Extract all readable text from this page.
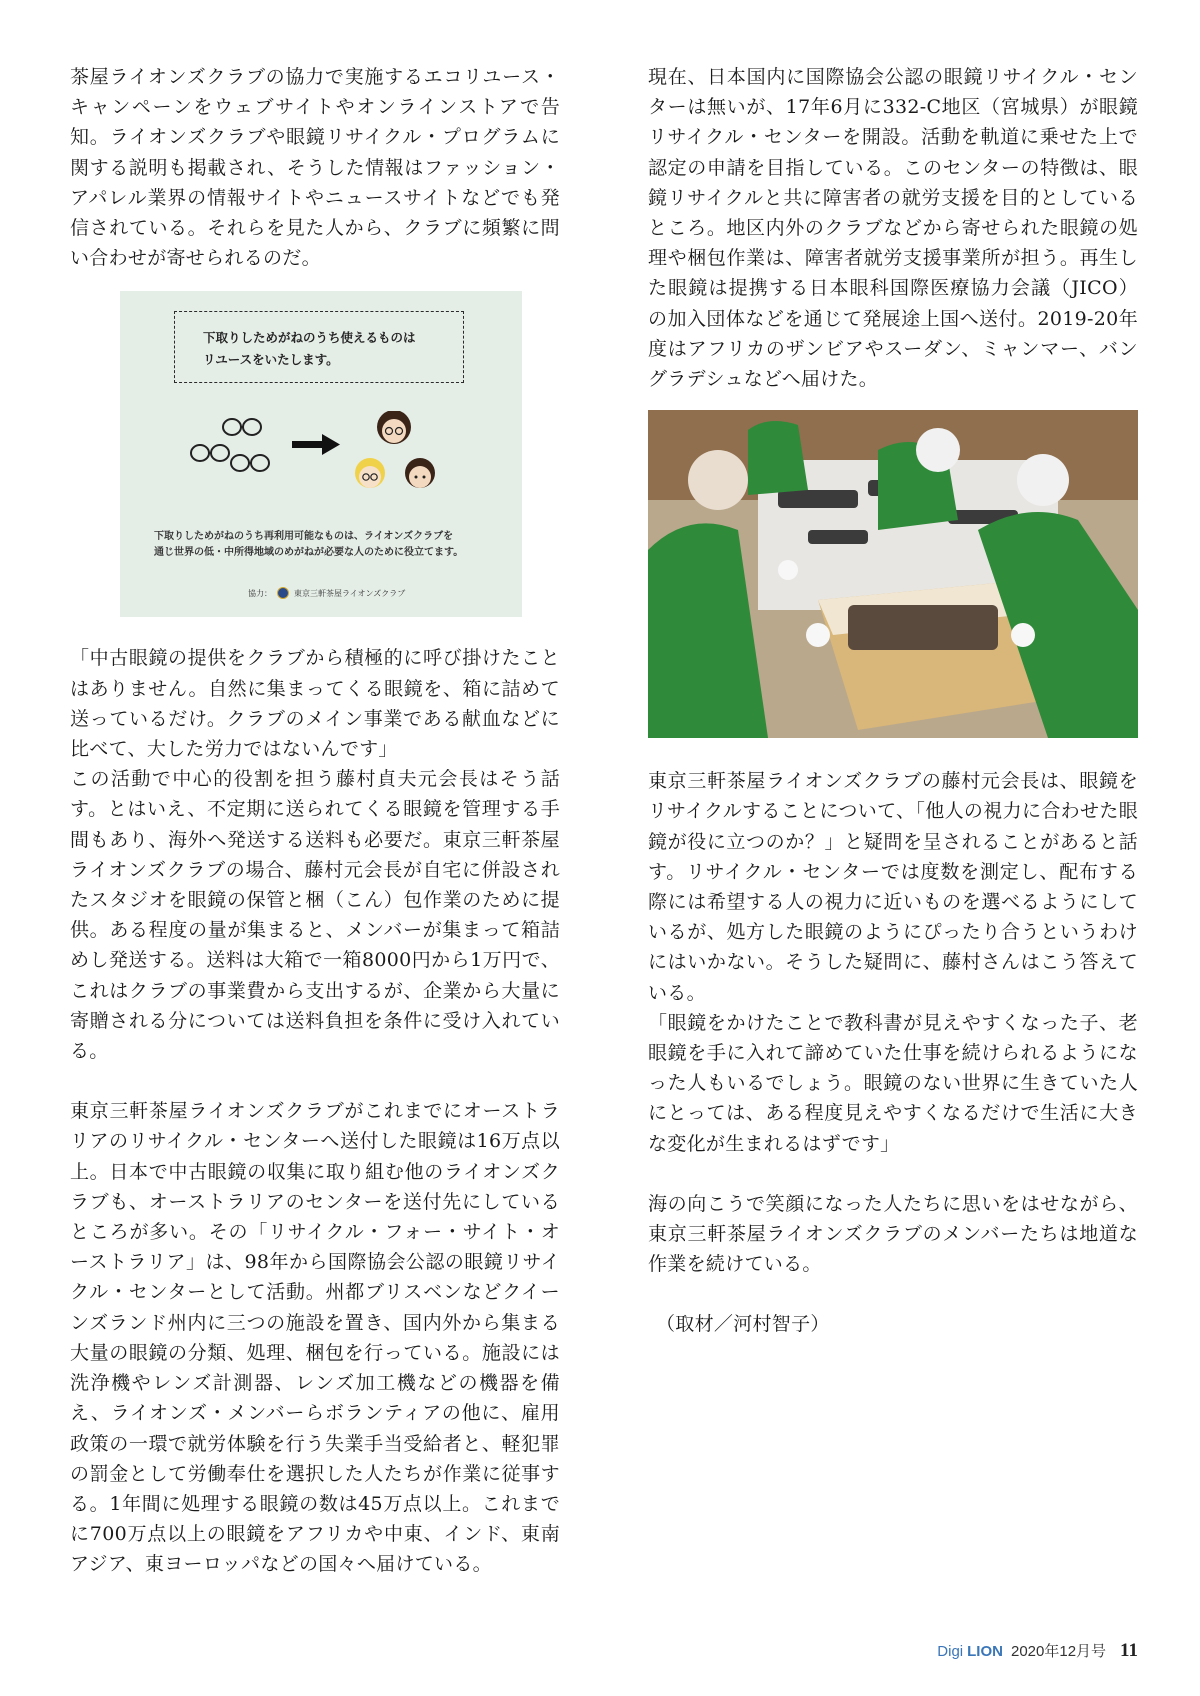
茶屋ライオンズクラブの協力で実施するエコリユース・キャンペーンをウェブサイトやオンラインストアで告知。ライオンズクラブや眼鏡リサイクル・プログラムに関する説明も掲載され、そうした情報はファッション・アパレル業界の情報サイトやニュースサイトなどでも発信されている。それらを見た人から、クラブに頻繁に問い合わせが寄せられるのだ。

下取りしためがねのうち使えるものは
リユースをいたします。
下取りしためがねのうち再利用可能なものは、ライオンズクラブを
通じ世界の低・中所得地域のめがねが必要な人のために役立てます。
協力：	東京三軒茶屋ライオンズクラブ

「中古眼鏡の提供をクラブから積極的に呼び掛けたことはありません。自然に集まってくる眼鏡を、箱に詰めて送っているだけ。クラブのメイン事業である献血などに比べて、大した労力ではないんです」

この活動で中心的役割を担う藤村貞夫元会長はそう話す。とはいえ、不定期に送られてくる眼鏡を管理する手間もあり、海外へ発送する送料も必要だ。東京三軒茶屋ライオンズクラブの場合、藤村元会長が自宅に併設されたスタジオを眼鏡の保管と梱（こん）包作業のために提供。ある程度の量が集まると、メンバーが集まって箱詰めし発送する。送料は大箱で一箱8000円から1万円で、これはクラブの事業費から支出するが、企業から大量に寄贈される分については送料負担を条件に受け入れている。

東京三軒茶屋ライオンズクラブがこれまでにオーストラリアのリサイクル・センターへ送付した眼鏡は16万点以上。日本で中古眼鏡の収集に取り組む他のライオンズクラブも、オーストラリアのセンターを送付先にしているところが多い。その「リサイクル・フォー・サイト・オーストラリア」は、98年から国際協会公認の眼鏡リサイクル・センターとして活動。州都ブリスベンなどクイーンズランド州内に三つの施設を置き、国内外から集まる大量の眼鏡の分類、処理、梱包を行っている。施設には洗浄機やレンズ計測器、レンズ加工機などの機器を備え、ライオンズ・メンバーらボランティアの他に、雇用政策の一環で就労体験を行う失業手当受給者と、軽犯罪の罰金として労働奉仕を選択した人たちが作業に従事する。1年間に処理する眼鏡の数は45万点以上。これまでに700万点以上の眼鏡をアフリカや中東、インド、東南アジア、東ヨーロッパなどの国々へ届けている。

現在、日本国内に国際協会公認の眼鏡リサイクル・センターは無いが、17年6月に332-C地区（宮城県）が眼鏡リサイクル・センターを開設。活動を軌道に乗せた上で認定の申請を目指している。このセンターの特徴は、眼鏡リサイクルと共に障害者の就労支援を目的としているところ。地区内外のクラブなどから寄せられた眼鏡の処理や梱包作業は、障害者就労支援事業所が担う。再生した眼鏡は提携する日本眼科国際医療協力会議（JICO）の加入団体などを通じて発展途上国へ送付。2019-20年度はアフリカのザンビアやスーダン、ミャンマー、バングラデシュなどへ届けた。

東京三軒茶屋ライオンズクラブの藤村元会長は、眼鏡をリサイクルすることについて、「他人の視力に合わせた眼鏡が役に立つのか？」と疑問を呈されることがあると話す。リサイクル・センターでは度数を測定し、配布する際には希望する人の視力に近いものを選べるようにしているが、処方した眼鏡のようにぴったり合うというわけにはいかない。そうした疑問に、藤村さんはこう答えている。

「眼鏡をかけたことで教科書が見えやすくなった子、老眼鏡を手に入れて諦めていた仕事を続けられるようになった人もいるでしょう。眼鏡のない世界に生きていた人にとっては、ある程度見えやすくなるだけで生活に大きな変化が生まれるはずです」

海の向こうで笑顔になった人たちに思いをはせながら、東京三軒茶屋ライオンズクラブのメンバーたちは地道な作業を続けている。

（取材／河村智子）

Digi LION 2020年12月号 11
